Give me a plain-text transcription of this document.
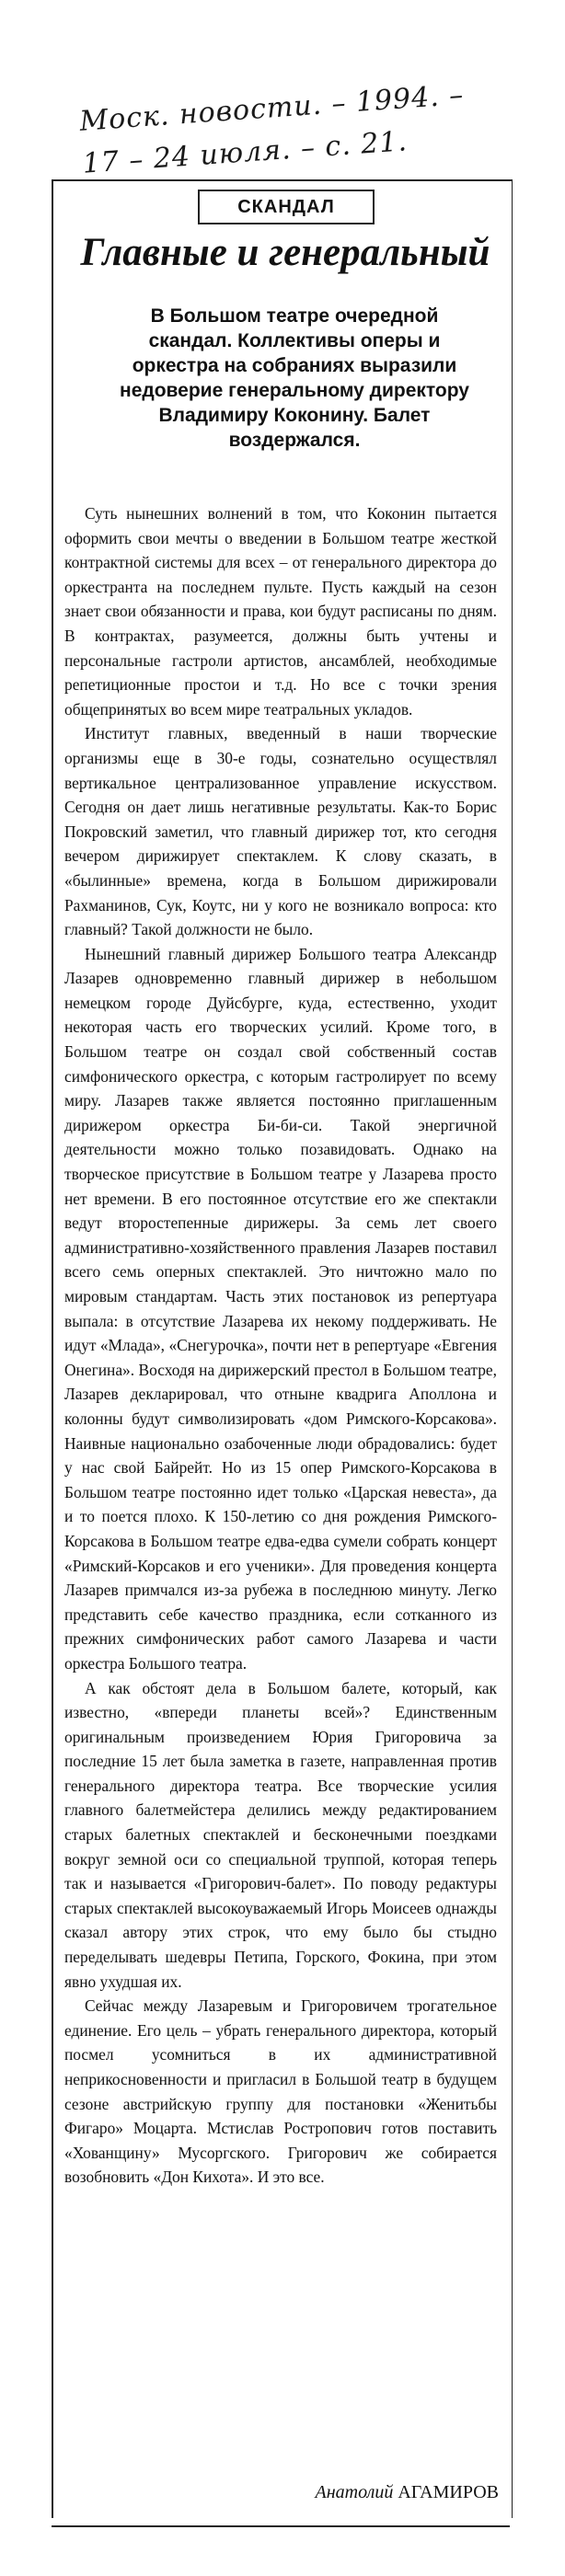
Моск. новости. – 1994. –
17 – 24 июля. – с. 21.
СКАНДАЛ
Главные и генеральный
В Большом театре очередной скандал. Коллективы оперы и оркестра на собраниях выразили недоверие генеральному директору Владимиру Коконину. Балет воздержался.

Суть нынешних волнений в том, что Коконин пытается оформить свои мечты о введении в Большом театре жесткой контрактной системы для всех – от генерального директора до оркестранта на последнем пульте. Пусть каждый на сезон знает свои обязанности и права, кои будут расписаны по дням. В контрактах, разумеется, должны быть учтены и персональные гастроли артистов, ансамблей, необходимые репетиционные простои и т.д. Но все с точки зрения общепринятых во всем мире театральных укладов.

Институт главных, введенный в наши творческие организмы еще в 30-е годы, сознательно осуществлял вертикальное централизованное управление искусством. Сегодня он дает лишь негативные результаты. Как-то Борис Покровский заметил, что главный дирижер тот, кто сегодня вечером дирижирует спектаклем. К слову сказать, в «былинные» времена, когда в Большом дирижировали Рахманинов, Сук, Коутс, ни у кого не возникало вопроса: кто главный? Такой должности не было.

Нынешний главный дирижер Большого театра Александр Лазарев одновременно главный дирижер в небольшом немецком городе Дуйсбурге, куда, естественно, уходит некоторая часть его творческих усилий. Кроме того, в Большом театре он создал свой собственный состав симфонического оркестра, с которым гастролирует по всему миру. Лазарев также является постоянно приглашенным дирижером оркестра Би-би-си. Такой энергичной деятельности можно только позавидовать. Однако на творческое присутствие в Большом театре у Лазарева просто нет времени. В его постоянное отсутствие его же спектакли ведут второстепенные дирижеры. За семь лет своего административно-хозяйственного правления Лазарев поставил всего семь оперных спектаклей. Это ничтожно мало по мировым стандартам. Часть этих постановок из репертуара выпала: в отсутствие Лазарева их некому поддерживать. Не идут «Млада», «Снегурочка», почти нет в репертуаре «Евгения Онегина». Восходя на дирижерский престол в Большом театре, Лазарев декларировал, что отныне квадрига Аполлона и колонны будут символизировать «дом Римского-Корсакова». Наивные национально озабоченные люди обрадовались: будет у нас свой Байрейт. Но из 15 опер Римского-Корсакова в Большом театре постоянно идет только «Царская невеста», да и то поется плохо. К 150-летию со дня рождения Римского-Корсакова в Большом театре едва-едва сумели собрать концерт «Римский-Корсаков и его ученики». Для проведения концерта Лазарев примчался из-за рубежа в последнюю минуту. Легко представить себе качество праздника, если сотканного из прежних симфонических работ самого Лазарева и части оркестра Большого театра.

А как обстоят дела в Большом балете, который, как известно, «впереди планеты всей»? Единственным оригинальным произведением Юрия Григоровича за последние 15 лет была заметка в газете, направленная против генерального директора театра. Все творческие усилия главного балетмейстера делились между редактированием старых балетных спектаклей и бесконечными поездками вокруг земной оси со специальной труппой, которая теперь так и называется «Григорович-балет». По поводу редактуры старых спектаклей высокоуважаемый Игорь Моисеев однажды сказал автору этих строк, что ему было бы стыдно переделывать шедевры Петипа, Горского, Фокина, при этом явно ухудшая их.

Сейчас между Лазаревым и Григоровичем трогательное единение. Его цель – убрать генерального директора, который посмел усомниться в их административной неприкосновенности и пригласил в Большой театр в будущем сезоне австрийскую группу для постановки «Женитьбы Фигаро» Моцарта. Мстислав Ростропович готов поставить «Хованщину» Мусоргского. Григорович же собирается возобновить «Дон Кихота». И это все.

Анатолий АГАМИРОВ
